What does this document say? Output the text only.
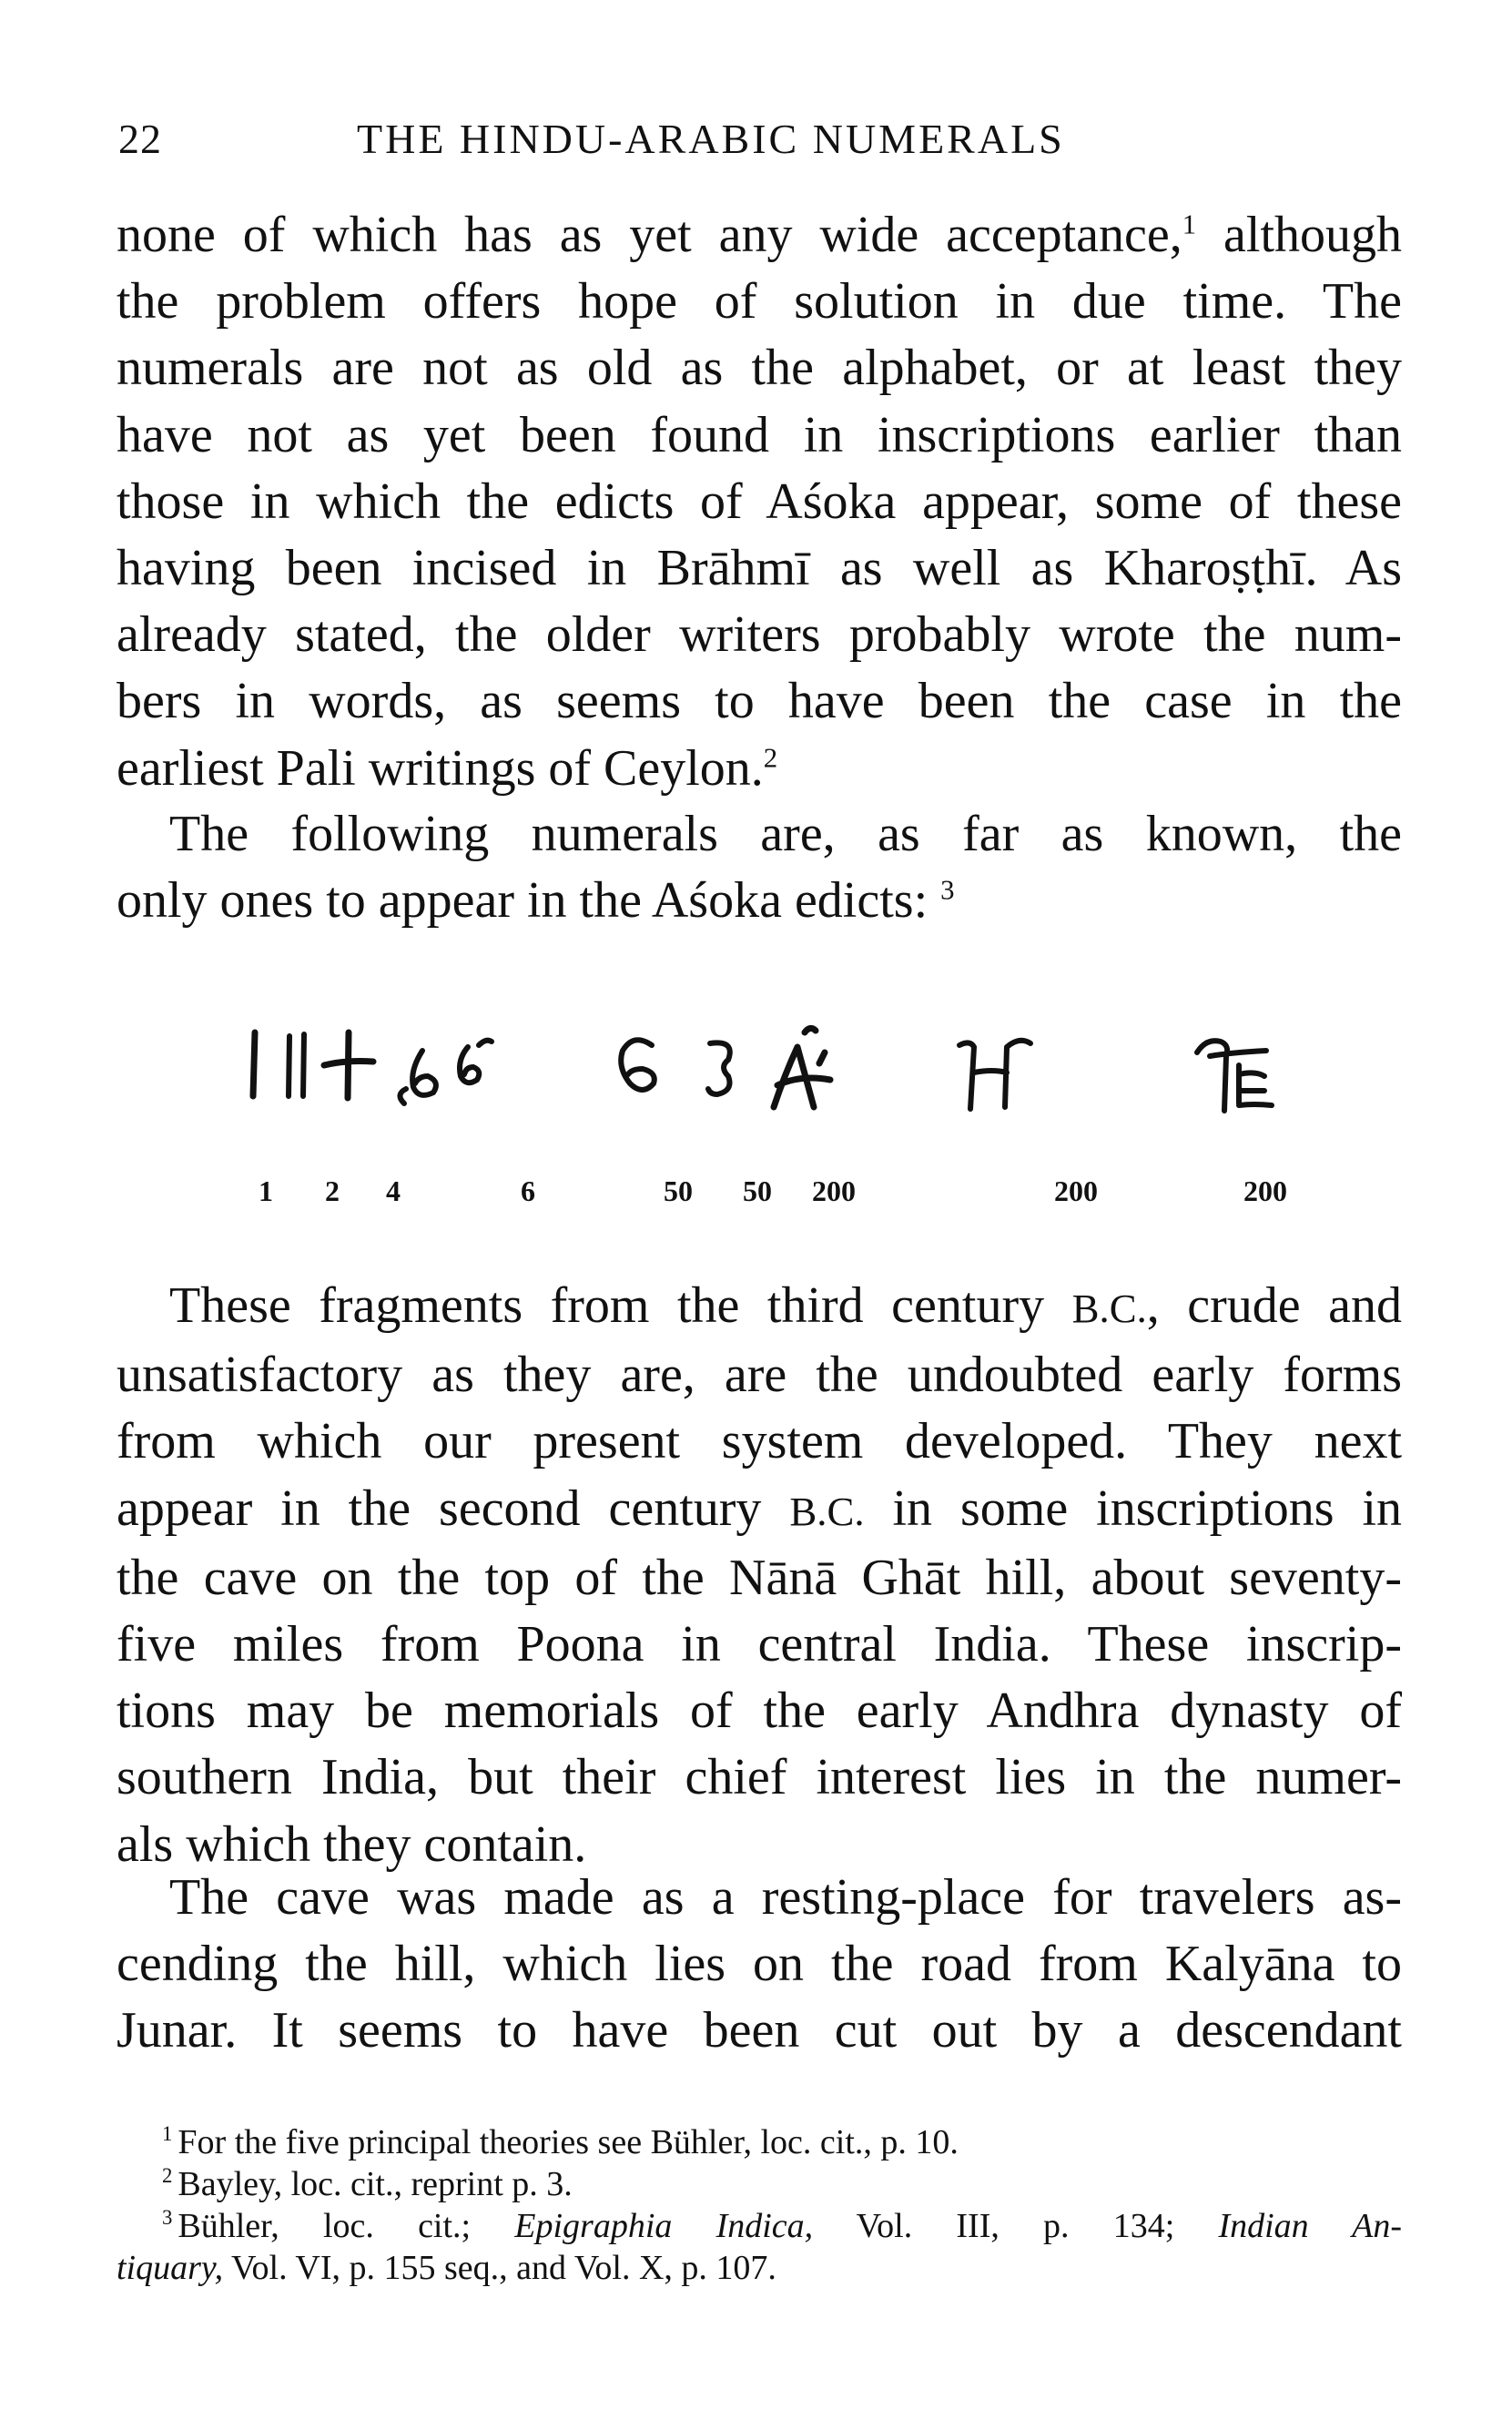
22	THE HINDU-ARABIC NUMERALS
none of which has as yet any wide acceptance,$^1$ although
the problem offers hope of solution in due time. The
numerals are not as old as the alphabet, or at least they
have not as yet been found in inscriptions earlier than
those in which the edicts of Aśoka appear, some of these
having been incised in Brāhmī as well as Kharoṣṭhī. As
already stated, the older writers probably wrote the num-
bers in words, as seems to have been the case in the
earliest Pali writings of Ceylon.$^2$
The following numerals are, as far as known, the
only ones to appear in the Aśoka edicts: $^3$
1 2 4	6	50 50 200	200	200
These fragments from the third century B.C., crude and
unsatisfactory as they are, are the undoubted early forms
from which our present system developed. They next
appear in the second century B.C. in some inscriptions in
the cave on the top of the Nānā Ghāt hill, about seventy-
five miles from Poona in central India. These inscrip-
tions may be memorials of the early Andhra dynasty of
southern India, but their chief interest lies in the numer-
als which they contain.
The cave was made as a resting-place for travelers as-
cending the hill, which lies on the road from Kalyāna to
Junar. It seems to have been cut out by a descendant
$^1$ For the five principal theories see Bühler, loc. cit., p. 10.
$^2$ Bayley, loc. cit., reprint p. 3.
$^3$ Bühler, loc. cit.; Epigraphia Indica, Vol. III, p. 134; Indian An-
tiquary, Vol. VI, p. 155 seq., and Vol. X, p. 107.
